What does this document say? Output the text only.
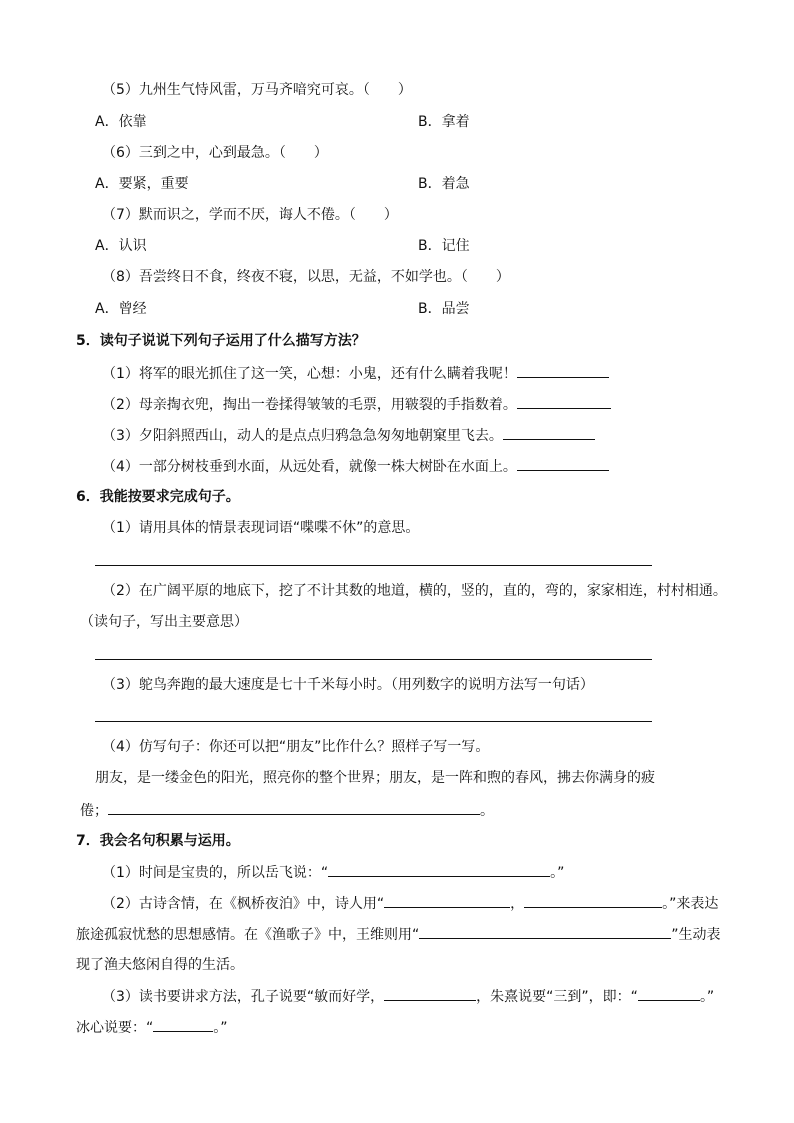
（5）九州生气恃风雷，万马齐喑究可哀。（　　）
A．依靠	B．拿着
（6）三到之中，心到最急。（　　）
A．要紧，重要	B．着急
（7）默而识之，学而不厌，诲人不倦。（　　）
A．认识	B．记住
（8）吾尝终日不食，终夜不寝，以思，无益，不如学也。（　　）
A．曾经	B．品尝
5．读句子说说下列句子运用了什么描写方法？
（1）将军的眼光抓住了这一笑，心想：小鬼，还有什么瞒着我呢！
（2）母亲掏衣兜，掏出一卷揉得皱皱的毛票，用皲裂的手指数着。
（3）夕阳斜照西山，动人的是点点归鸦急急匆匆地朝窠里飞去。
（4）一部分树枝垂到水面，从远处看，就像一株大树卧在水面上。
6．我能按要求完成句子。
（1）请用具体的情景表现词语“喋喋不休”的意思。
（2）在广阔平原的地底下，挖了不计其数的地道，横的，竖的，直的，弯的，家家相连，村村相通。
（读句子，写出主要意思）
（3）鸵鸟奔跑的最大速度是七十千米每小时。（用列数字的说明方法写一句话）
（4）仿写句子：你还可以把“朋友”比作什么？照样子写一写。
朋友，是一缕金色的阳光，照亮你的整个世界；朋友，是一阵和煦的春风，拂去你满身的疲
倦；	。
7．我会名句积累与运用。
（1）时间是宝贵的，所以岳飞说：“	。”
（2）古诗含情，在《枫桥夜泊》中，诗人用“	，	。”来表达
旅途孤寂忧愁的思想感情。在《渔歌子》中，王维则用“	”生动表
现了渔夫悠闲自得的生活。
（3）读书要讲求方法，孔子说要“敏而好学，	，朱熹说要“三到”，即：“	。”
冰心说要：“	。”
